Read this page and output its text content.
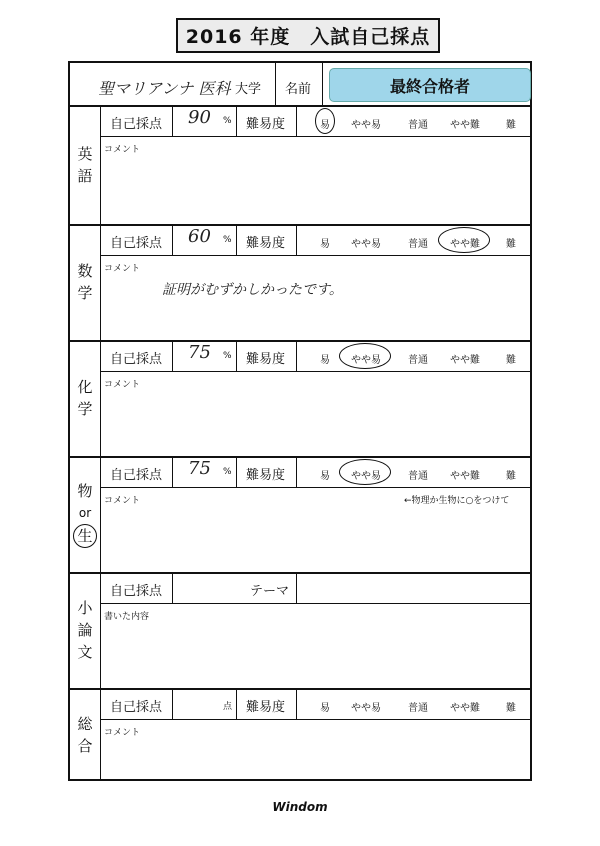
2016 年度　入試自己採点
聖マリアンナ 医科 大学 名前	最終合格者
英
語
自己採点 90 % 難易度	易 やや易	普通 やや難	難
コメント
数
学
自己採点 60 % 難易度	易 やや易	普通 やや難	難
コメント
証明がむずかしかったです。
化
学
自己採点 75 % 難易度	易 やや易	普通 やや難	難
コメント
物
or
生
自己採点 75 % 難易度	易 やや易	普通 やや難	難
コメント	←物理か生物に○をつけて
小
論
文
自己採点	テーマ
書いた内容
総
合
自己採点	点 難易度	易 やや易	普通 やや難	難
コメント
Windom
